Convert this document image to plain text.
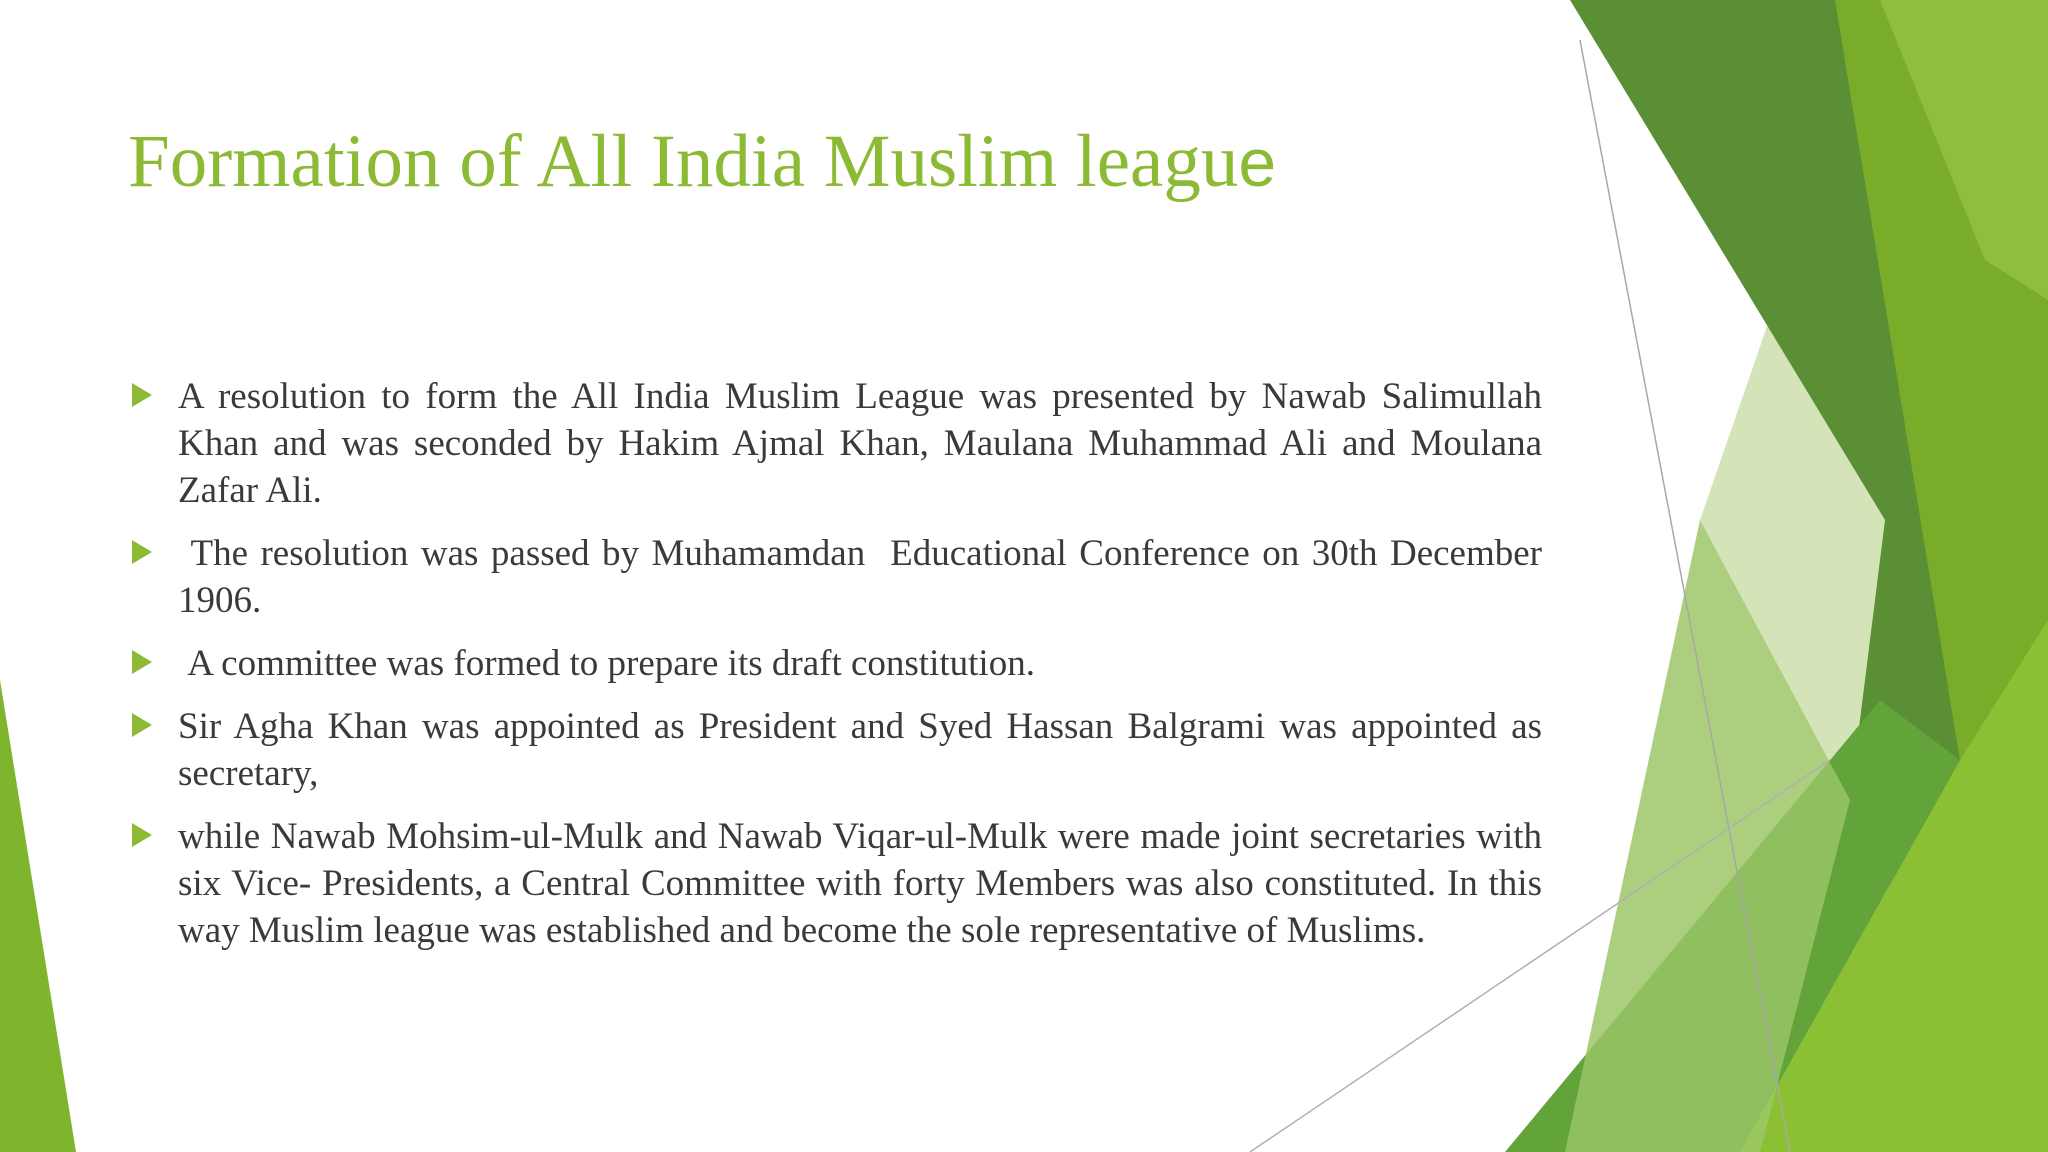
Formation of All India Muslim league
A resolution to form the All India Muslim League was presented by Nawab Salimullah Khan and was seconded by Hakim Ajmal Khan, Maulana Muhammad Ali and Moulana Zafar Ali.
The resolution was passed by Muhamamdan  Educational Conference on 30th December 1906.
A committee was formed to prepare its draft constitution.
Sir Agha Khan was appointed as President and Syed Hassan Balgrami was appointed as secretary,
while Nawab Mohsim-ul-Mulk and Nawab Viqar-ul-Mulk were made joint secretaries with six Vice- Presidents, a Central Committee with forty Members was also constituted. In this way Muslim league was established and become the sole representative of Muslims.
